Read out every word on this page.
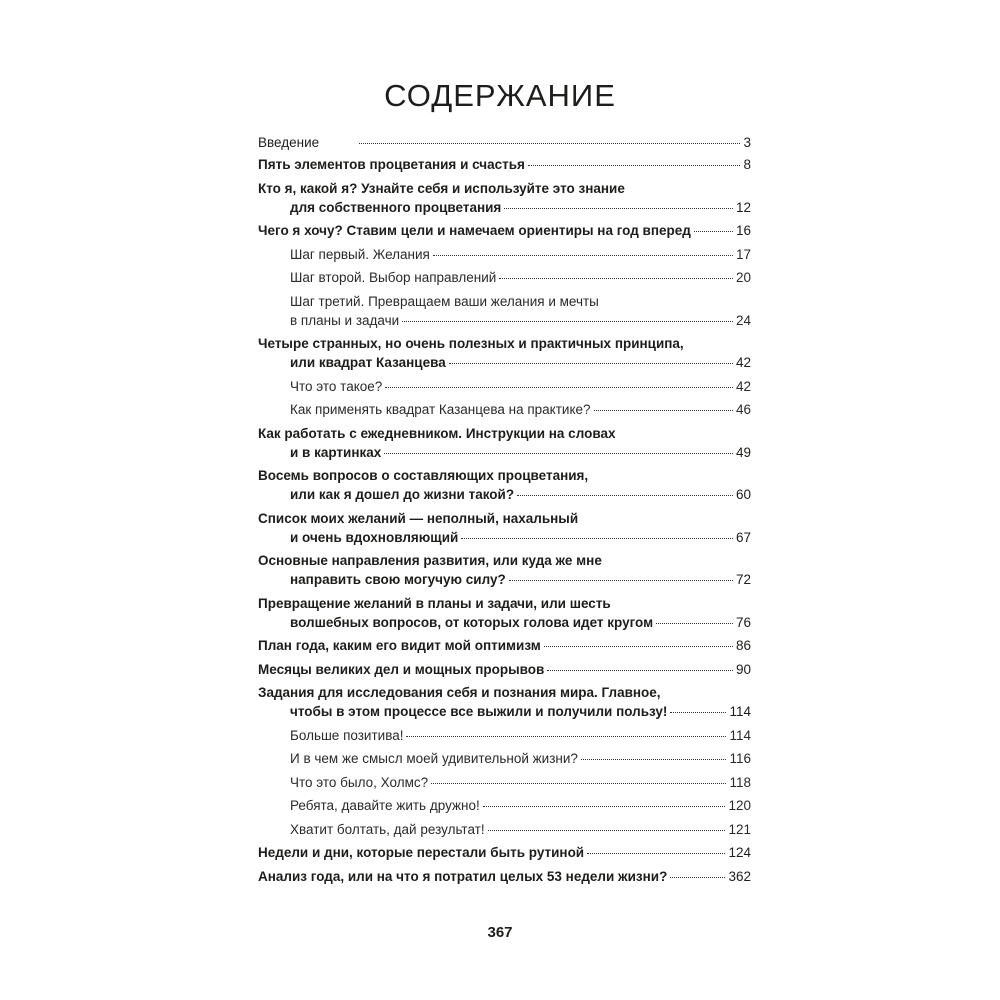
СОДЕРЖАНИЕ
Введение	3
Пять элементов процветания и счастья	8
Кто я, какой я? Узнайте себя и используйте это знание
для собственного процветания	12
Чего я хочу? Ставим цели и намечаем ориентиры на год вперед	16
Шаг первый. Желания	17
Шаг второй. Выбор направлений	20
Шаг третий. Превращаем ваши желания и мечты
в планы и задачи	24
Четыре странных, но очень полезных и практичных принципа,
или квадрат Казанцева	42
Что это такое?	42
Как применять квадрат Казанцева на практике?	46
Как работать с ежедневником. Инструкции на словах
и в картинках	49
Восемь вопросов о составляющих процветания,
или как я дошел до жизни такой?	60
Список моих желаний — неполный, нахальный
и очень вдохновляющий	67
Основные направления развития, или куда же мне
направить свою могучую силу?	72
Превращение желаний в планы и задачи, или шесть
волшебных вопросов, от которых голова идет кругом	76
План года, каким его видит мой оптимизм	86
Месяцы великих дел и мощных прорывов	90
Задания для исследования себя и познания мира. Главное,
чтобы в этом процессе все выжили и получили пользу!	114
Больше позитива!	114
И в чем же смысл моей удивительной жизни?	116
Что это было, Холмс?	118
Ребята, давайте жить дружно!	120
Хватит болтать, дай результат!	121
Недели и дни, которые перестали быть рутиной	124
Анализ года, или на что я потратил целых 53 недели жизни?	362
367
